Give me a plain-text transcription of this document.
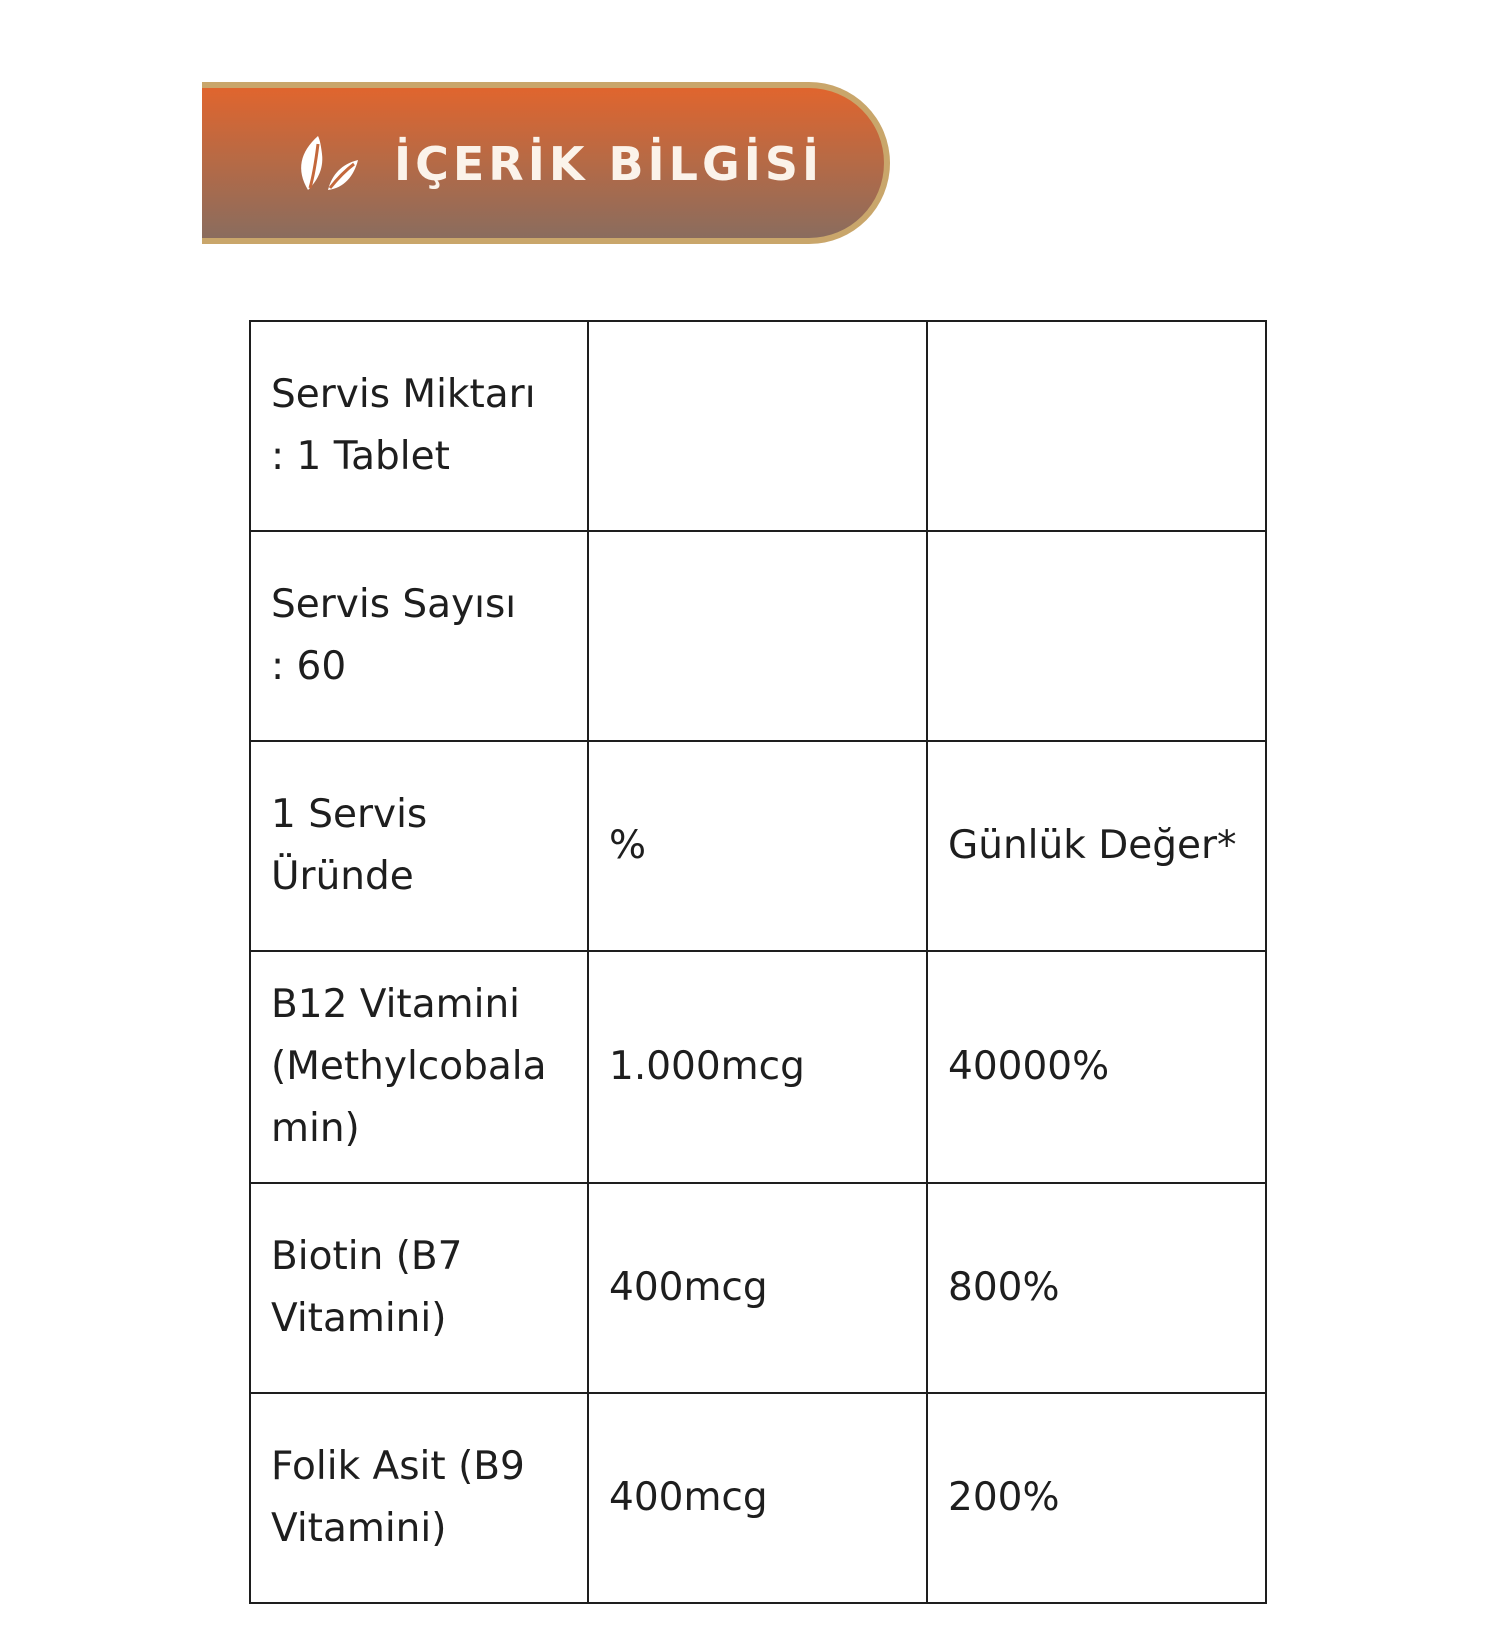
İÇERİK BİLGİSİ
Servis Miktarı
: 1 Tablet		

Servis Sayısı
: 60		

1 Servis
Üründe	%	Günlük Değer*

B12 Vitamini
(Methylcobala
min)	1.000mcg	40000%

Biotin (B7
Vitamini)	400mcg	800%

Folik Asit (B9
Vitamini)	400mcg	200%
